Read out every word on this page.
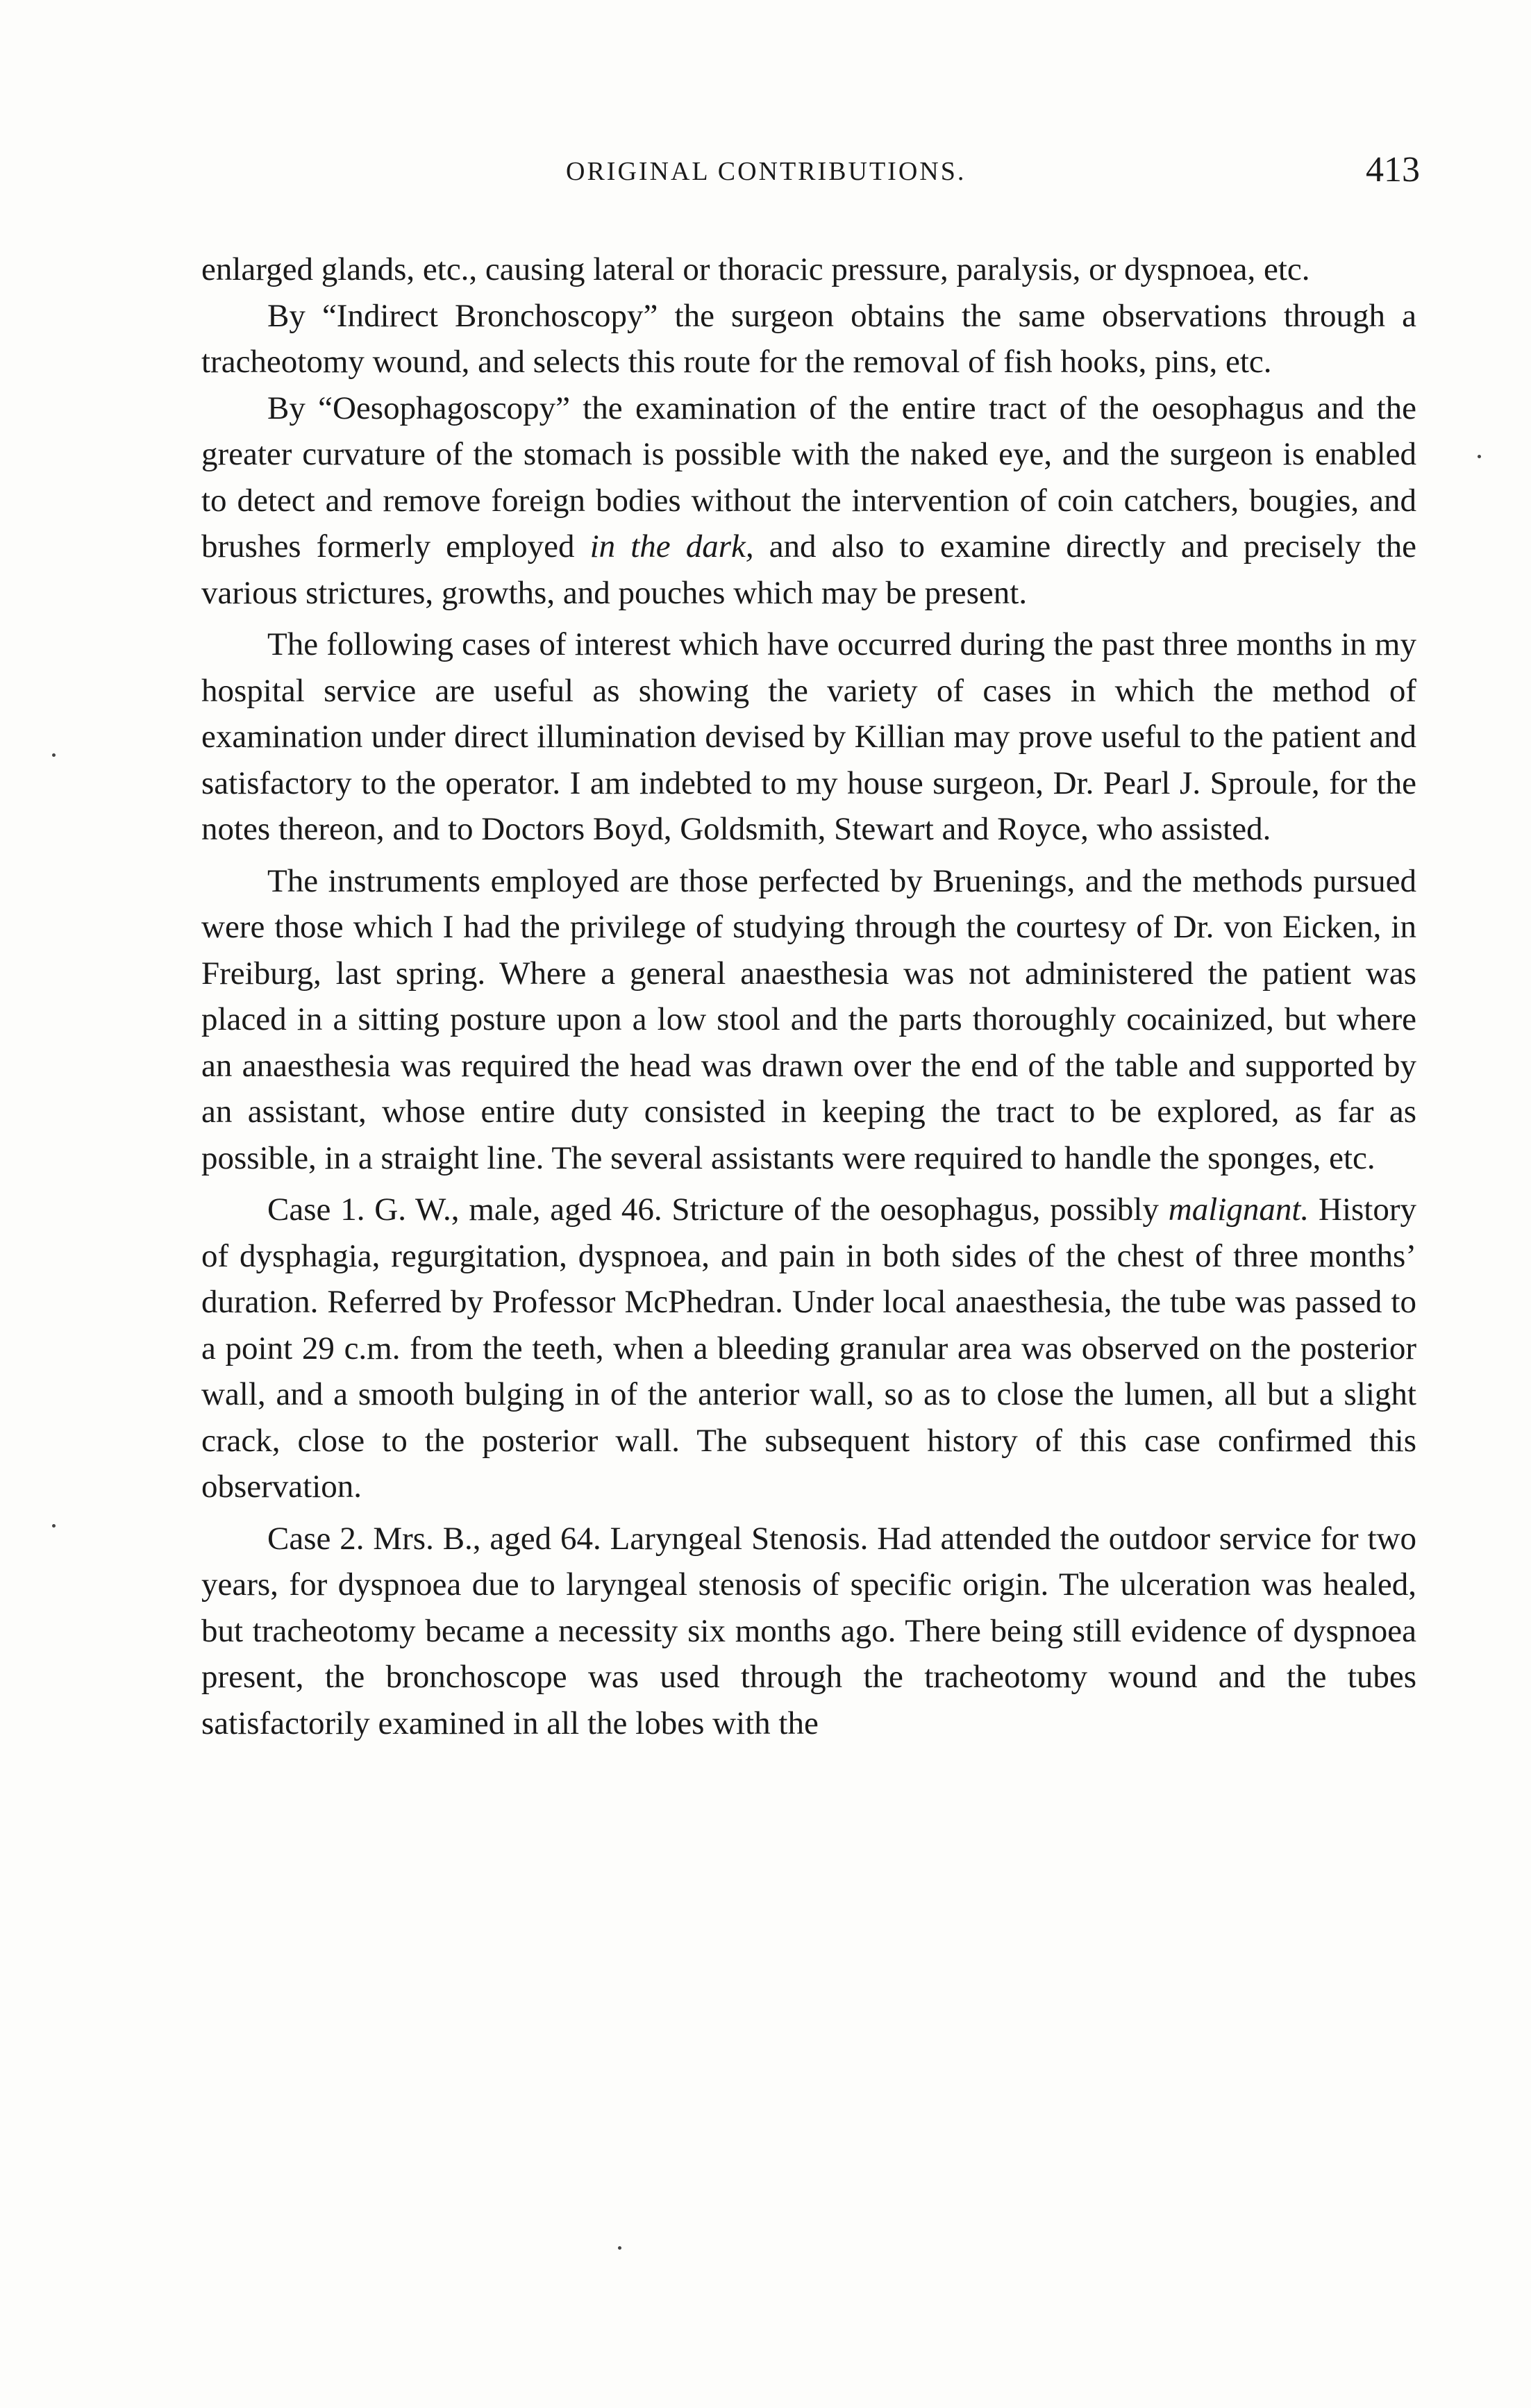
ORIGINAL CONTRIBUTIONS.	413

enlarged glands, etc., causing lateral or thoracic pressure, paralysis, or dyspnoea, etc.

By “Indirect Bronchoscopy” the surgeon obtains the same observations through a tracheotomy wound, and selects this route for the removal of fish hooks, pins, etc.

By “Oesophagoscopy” the examination of the entire tract of the oesophagus and the greater curvature of the stomach is possible with the naked eye, and the surgeon is enabled to detect and remove foreign bodies without the intervention of coin catchers, bougies, and brushes formerly employed in the dark, and also to examine directly and precisely the various strictures, growths, and pouches which may be present.

The following cases of interest which have occurred during the past three months in my hospital service are useful as showing the variety of cases in which the method of examination under direct illumination devised by Killian may prove useful to the patient and satisfactory to the operator. I am indebted to my house surgeon, Dr. Pearl J. Sproule, for the notes thereon, and to Doctors Boyd, Goldsmith, Stewart and Royce, who assisted.

The instruments employed are those perfected by Bruenings, and the methods pursued were those which I had the privilege of studying through the courtesy of Dr. von Eicken, in Freiburg, last spring. Where a general anaesthesia was not administered the patient was placed in a sitting posture upon a low stool and the parts thoroughly cocainized, but where an anaesthesia was required the head was drawn over the end of the table and supported by an assistant, whose entire duty consisted in keeping the tract to be explored, as far as possible, in a straight line. The several assistants were required to handle the sponges, etc.

Case 1. G. W., male, aged 46. Stricture of the oesophagus, possibly malignant. History of dysphagia, regurgitation, dyspnoea, and pain in both sides of the chest of three months’ duration. Referred by Professor McPhedran. Under local anaesthesia, the tube was passed to a point 29 c.m. from the teeth, when a bleeding granular area was observed on the posterior wall, and a smooth bulging in of the anterior wall, so as to close the lumen, all but a slight crack, close to the posterior wall. The subsequent history of this case confirmed this observation.

Case 2. Mrs. B., aged 64. Laryngeal Stenosis. Had attended the outdoor service for two years, for dyspnoea due to laryngeal stenosis of specific origin. The ulceration was healed, but tracheotomy became a necessity six months ago. There being still evidence of dyspnoea present, the bronchoscope was used through the tracheotomy wound and the tubes satisfactorily examined in all the lobes with the
